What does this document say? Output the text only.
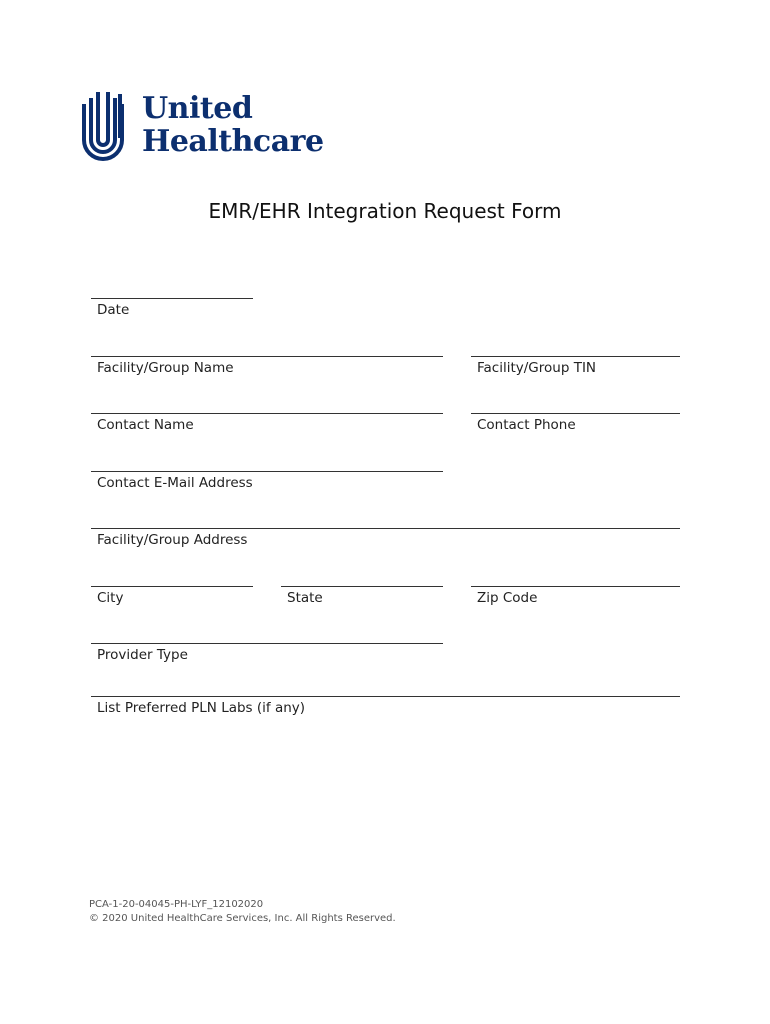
United
Healthcare
EMR/EHR Integration Request Form
Date
Facility/Group Name	Facility/Group TIN
Contact Name	Contact Phone
Contact E-Mail Address
Facility/Group Address
City	State	Zip Code
Provider Type
List Preferred PLN Labs (if any)
PCA-1-20-04045-PH-LYF_12102020
© 2020 United HealthCare Services, Inc. All Rights Reserved.
